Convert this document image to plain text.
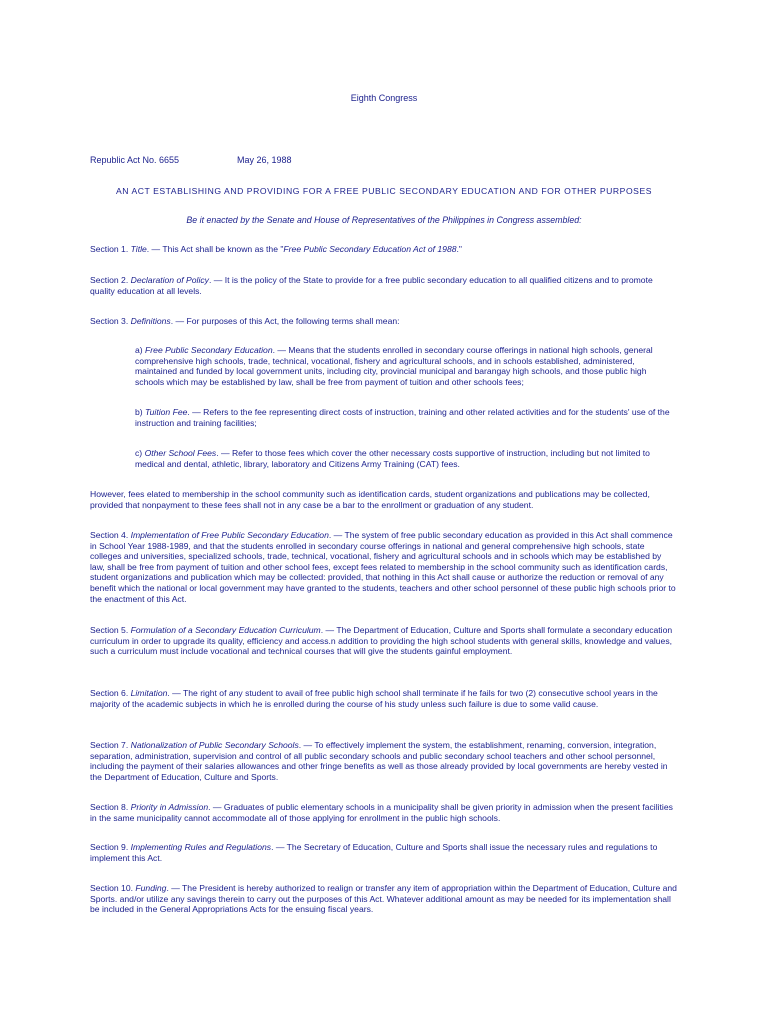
Eighth Congress
Republic Act No. 6655	May 26, 1988
AN ACT ESTABLISHING AND PROVIDING FOR A FREE PUBLIC SECONDARY EDUCATION AND FOR OTHER PURPOSES
Be it enacted by the Senate and House of Representatives of the Philippines in Congress assembled:
Section 1. Title. — This Act shall be known as the "Free Public Secondary Education Act of 1988."
Section 2. Declaration of Policy. — It is the policy of the State to provide for a free public secondary education to all qualified citizens and to promote quality education at all levels.
Section 3. Definitions. — For purposes of this Act, the following terms shall mean:
a) Free Public Secondary Education. — Means that the students enrolled in secondary course offerings in national high schools, general comprehensive high schools, trade, technical, vocational, fishery and agricultural schools, and in schools established, administered, maintained and funded by local government units, including city, provincial municipal and barangay high schools, and those public high schools which may be established by law, shall be free from payment of tuition and other schools fees;
b) Tuition Fee. — Refers to the fee representing direct costs of instruction, training and other related activities and for the students' use of the instruction and training facilities;
c) Other School Fees. — Refer to those fees which cover the other necessary costs supportive of instruction, including but not limited to medical and dental, athletic, library, laboratory and Citizens Army Training (CAT) fees.
However, fees elated to membership in the school community such as identification cards, student organizations and publications may be collected, provided that nonpayment to these fees shall not in any case be a bar to the enrollment or graduation of any student.
Section 4. Implementation of Free Public Secondary Education. — The system of free public secondary education as provided in this Act shall commence in School Year 1988-1989, and that the students enrolled in secondary course offerings in national and general comprehensive high schools, state colleges and universities, specialized schools, trade, technical, vocational, fishery and agricultural schools and in schools which may be established by law, shall be free from payment of tuition and other school fees, except fees related to membership in the school community such as identification cards, student organizations and publication which may be collected: provided, that nothing in this Act shall cause or authorize the reduction or removal of any benefit which the national or local government may have granted to the students, teachers and other school personnel of these public high schools prior to the enactment of this Act.
Section 5. Formulation of a Secondary Education Curriculum. — The Department of Education, Culture and Sports shall formulate a secondary education curriculum in order to upgrade its quality, efficiency and access.n addition to providing the high school students with general skills, knowledge and values, such a curriculum must include vocational and technical courses that will give the students gainful employment.
Section 6. Limitation. — The right of any student to avail of free public high school shall terminate if he fails for two (2) consecutive school years in the majority of the academic subjects in which he is enrolled during the course of his study unless such failure is due to some valid cause.
Section 7. Nationalization of Public Secondary Schools. — To effectively implement the system, the establishment, renaming, conversion, integration, separation, administration, supervision and control of all public secondary schools and public secondary school teachers and other school personnel, including the payment of their salaries allowances and other fringe benefits as well as those already provided by local governments are hereby vested in the Department of Education, Culture and Sports.
Section 8. Priority in Admission. — Graduates of public elementary schools in a municipality shall be given priority in admission when the present facilities in the same municipality cannot accommodate all of those applying for enrollment in the public high schools.
Section 9. Implementing Rules and Regulations. — The Secretary of Education, Culture and Sports shall issue the necessary rules and regulations to implement this Act.
Section 10. Funding. — The President is hereby authorized to realign or transfer any item of appropriation within the Department of Education, Culture and Sports. and/or utilize any savings therein to carry out the purposes of this Act. Whatever additional amount as may be needed for its implementation shall be included in the General Appropriations Acts for the ensuing fiscal years.
